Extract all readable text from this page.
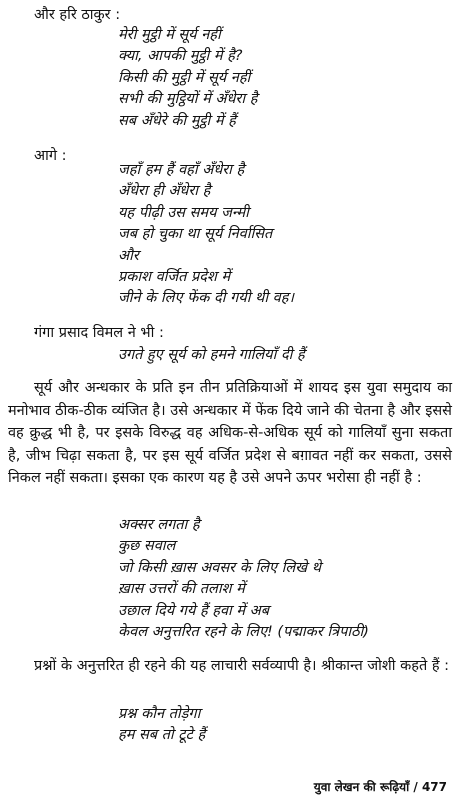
और हरि ठाकुर :
मेरी मुट्ठी में सूर्य नहीं
क्या, आपकी मुट्ठी में है?
किसी की मुट्ठी में सूर्य नहीं
सभी की मुट्ठियों में अँधेरा है
सब अँधेरे की मुट्ठी में हैं
आगे :
जहाँ हम हैं वहाँ अँधेरा है
अँधेरा ही अँधेरा है
यह पीढ़ी उस समय जन्मी
जब हो चुका था सूर्य निर्वासित
और
प्रकाश वर्जित प्रदेश में
जीने के लिए फेंक दी गयी थी वह।
गंगा प्रसाद विमल ने भी :
उगते हुए सूर्य को हमने गालियाँ दी हैं
सूर्य और अन्धकार के प्रति इन तीन प्रतिक्रियाओं में शायद इस युवा समुदाय का मनोभाव ठीक-ठीक व्यंजित है। उसे अन्धकार में फेंक दिये जाने की चेतना है और इससे वह क्रुद्ध भी है, पर इसके विरुद्ध वह अधिक-से-अधिक सूर्य को गालियाँ सुना सकता है, जीभ चिढ़ा सकता है, पर इस सूर्य वर्जित प्रदेश से बग़ावत नहीं कर सकता, उससे निकल नहीं सकता। इसका एक कारण यह है उसे अपने ऊपर भरोसा ही नहीं है :
अक्सर लगता है
कुछ सवाल
जो किसी ख़ास अवसर के लिए लिखे थे
ख़ास उत्तरों की तलाश में
उछाल दिये गये हैं हवा में अब
केवल अनुत्तरित रहने के लिए! (पद्माकर त्रिपाठी)
प्रश्नों के अनुत्तरित ही रहने की यह लाचारी सर्वव्यापी है। श्रीकान्त जोशी कहते हैं :
प्रश्न कौन तोड़ेगा
हम सब तो टूटे हैं
युवा लेखन की रूढ़ियाँ / 477
